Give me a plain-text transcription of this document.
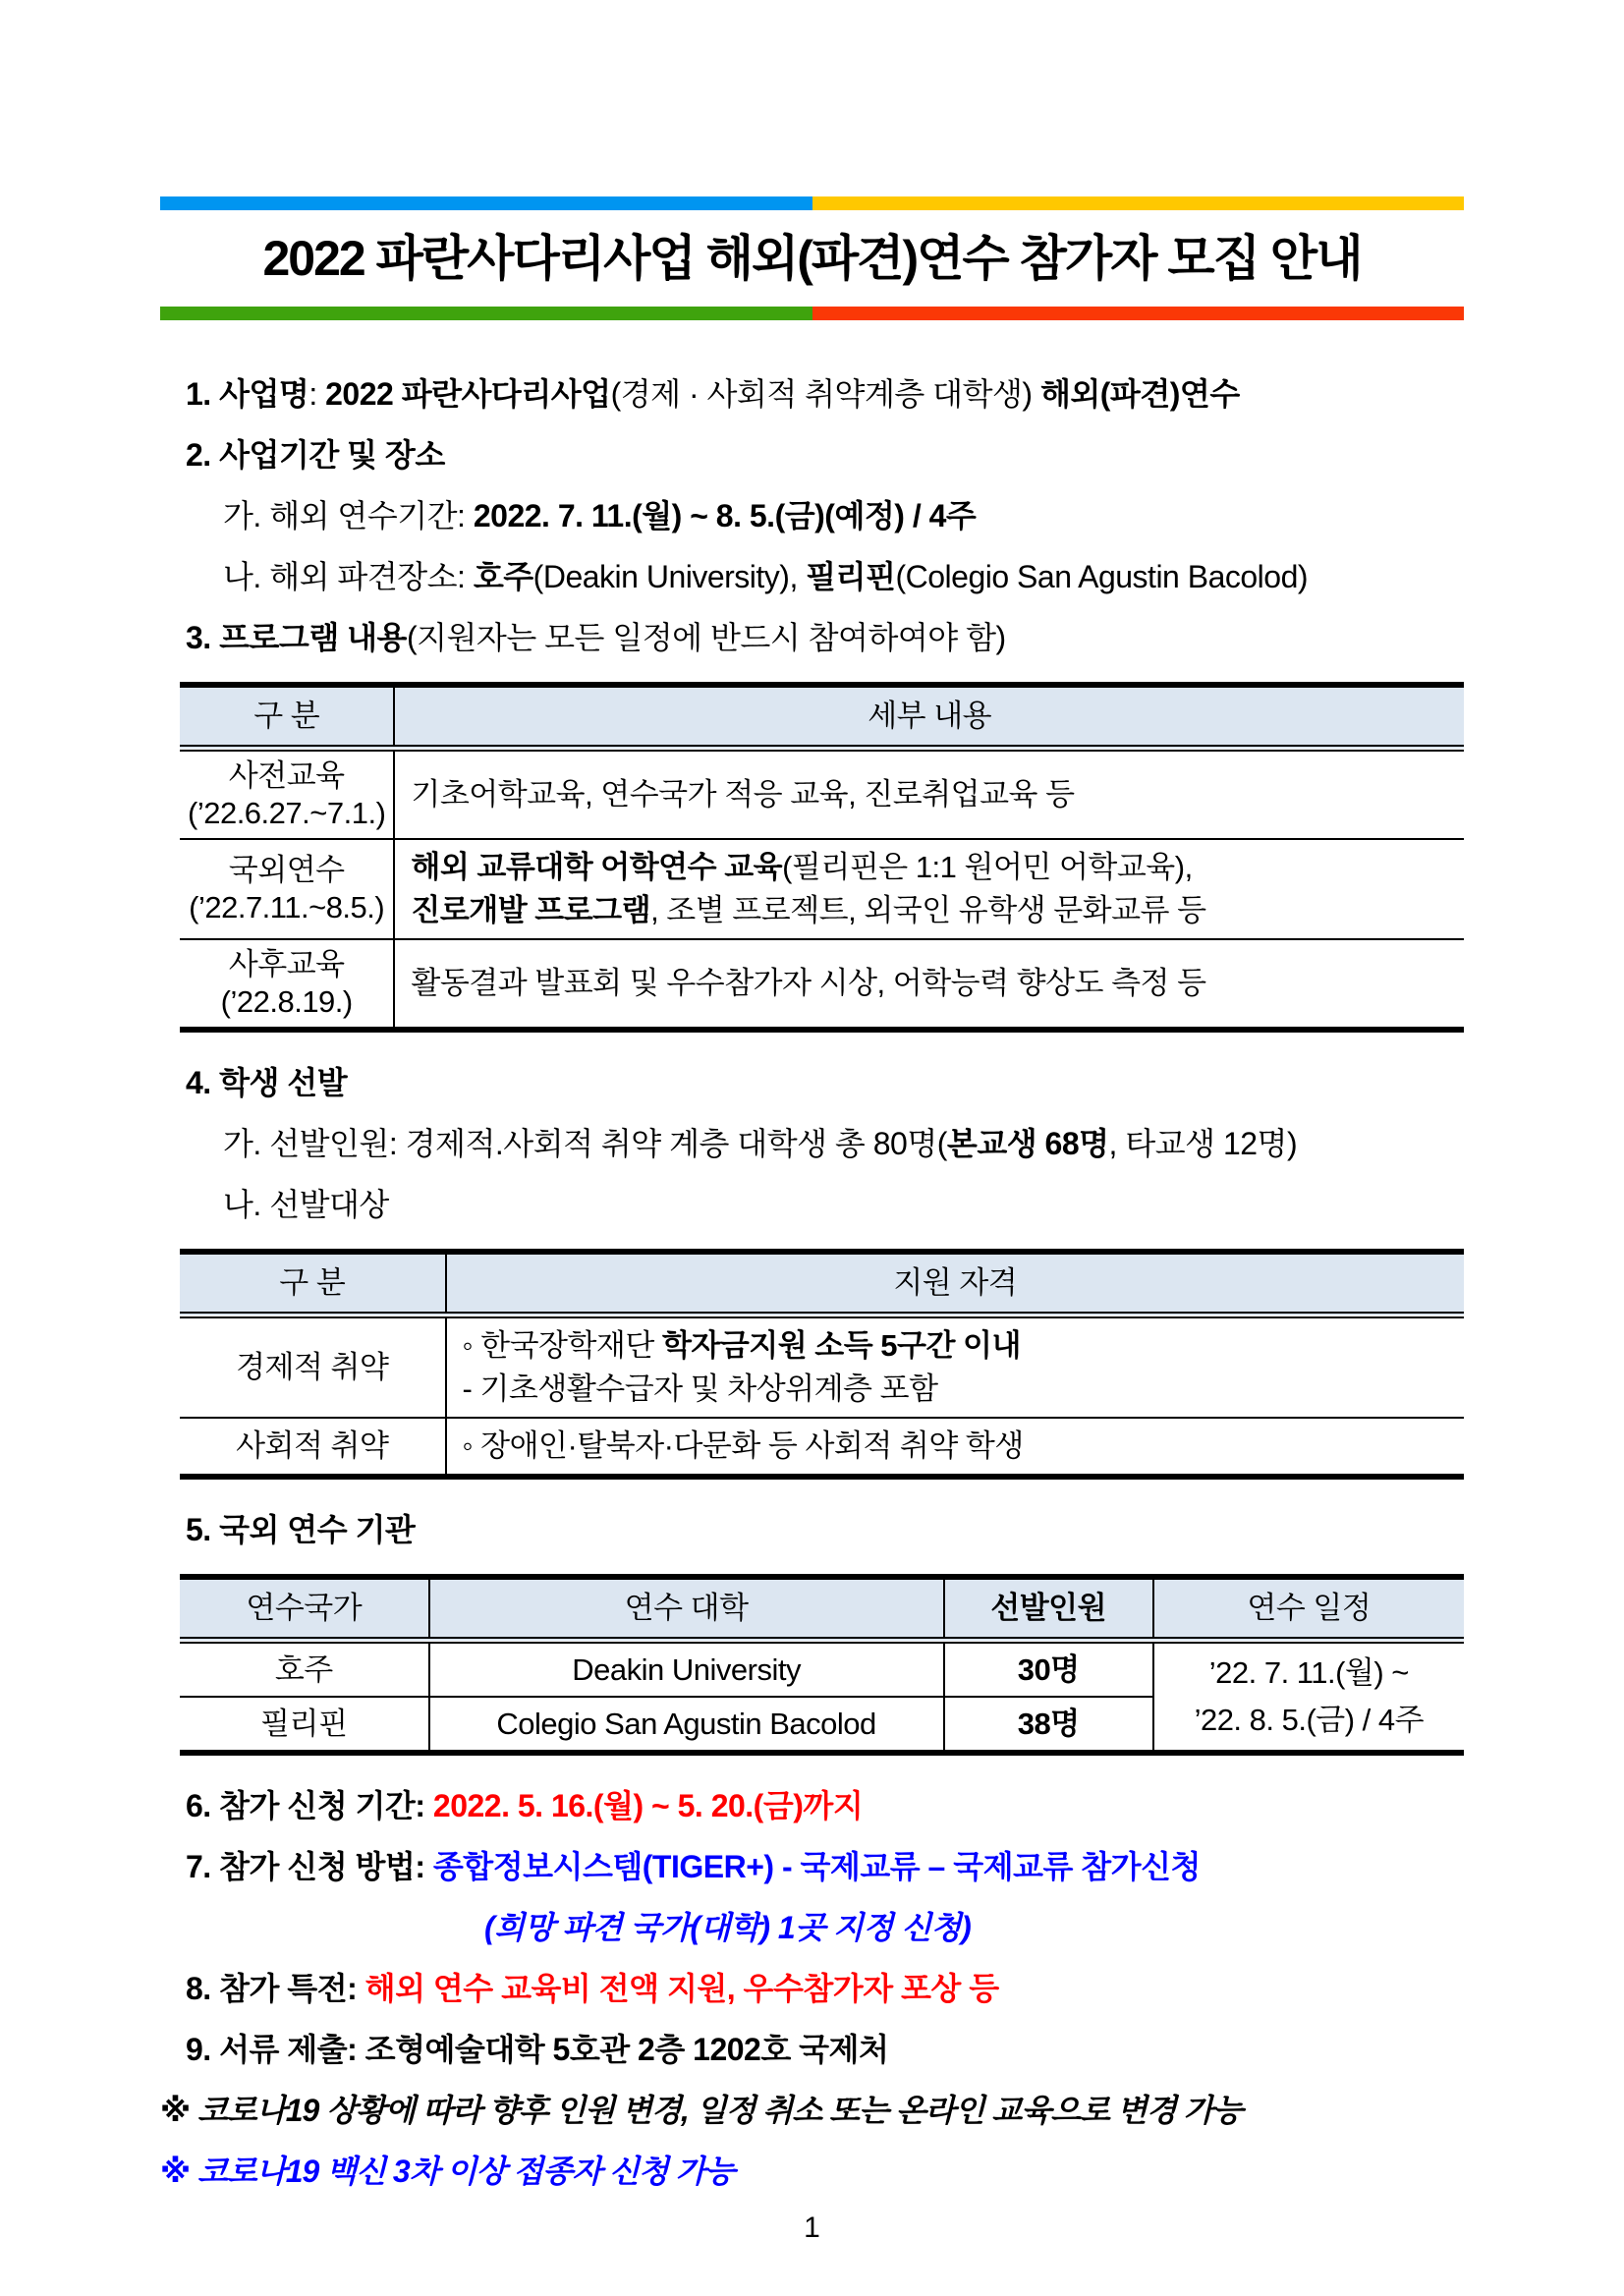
2022 파란사다리사업 해외(파견)연수 참가자 모집 안내
1. 사업명: 2022 파란사다리사업(경제 · 사회적 취약계층 대학생) 해외(파견)연수
2. 사업기간 및 장소
가. 해외 연수기간: 2022. 7. 11.(월) ~ 8. 5.(금)(예정) / 4주
나. 해외 파견장소: 호주(Deakin University), 필리핀(Colegio San Agustin Bacolod)
3. 프로그램 내용(지원자는 모든 일정에 반드시 참여하여야 함)
구 분	세부 내용

사전교육
(’22.6.27.~7.1.)	기초어학교육, 연수국가 적응 교육, 진로취업교육 등

국외연수
(’22.7.11.~8.5.)	해외 교류대학 어학연수 교육(필리핀은 1:1 원어민 어학교육),
진로개발 프로그램, 조별 프로젝트, 외국인 유학생 문화교류 등

사후교육
(’22.8.19.)	활동결과 발표회 및 우수참가자 시상, 어학능력 향상도 측정 등
4. 학생 선발
가. 선발인원: 경제적.사회적 취약 계층 대학생 총 80명(본교생 68명, 타교생 12명)
나. 선발대상
구 분	지원 자격
경제적 취약	◦ 한국장학재단 학자금지원 소득 5구간 이내
- 기초생활수급자 및 차상위계층 포함

사회적 취약	◦ 장애인·탈북자·다문화 등 사회적 취약 학생
5. 국외 연수 기관
연수국가	연수 대학	선발인원	연수 일정
호주	Deakin University	30명	’22. 7. 11.(월) ~
’22. 8. 5.(금) / 4주

필리핀	Colegio San Agustin Bacolod	38명	
6. 참가 신청 기간: 2022. 5. 16.(월) ~ 5. 20.(금)까지
7. 참가 신청 방법: 종합정보시스템(TIGER+) - 국제교류 – 국제교류 참가신청
(희망 파견 국가(대학) 1곳 지정 신청)
8. 참가 특전: 해외 연수 교육비 전액 지원, 우수참가자 포상 등
9. 서류 제출: 조형예술대학 5호관 2층 1202호 국제처
※ 코로나19 상황에 따라 향후 인원 변경, 일정 취소 또는 온라인 교육으로 변경 가능
※ 코로나19 백신 3차 이상 접종자 신청 가능
1
